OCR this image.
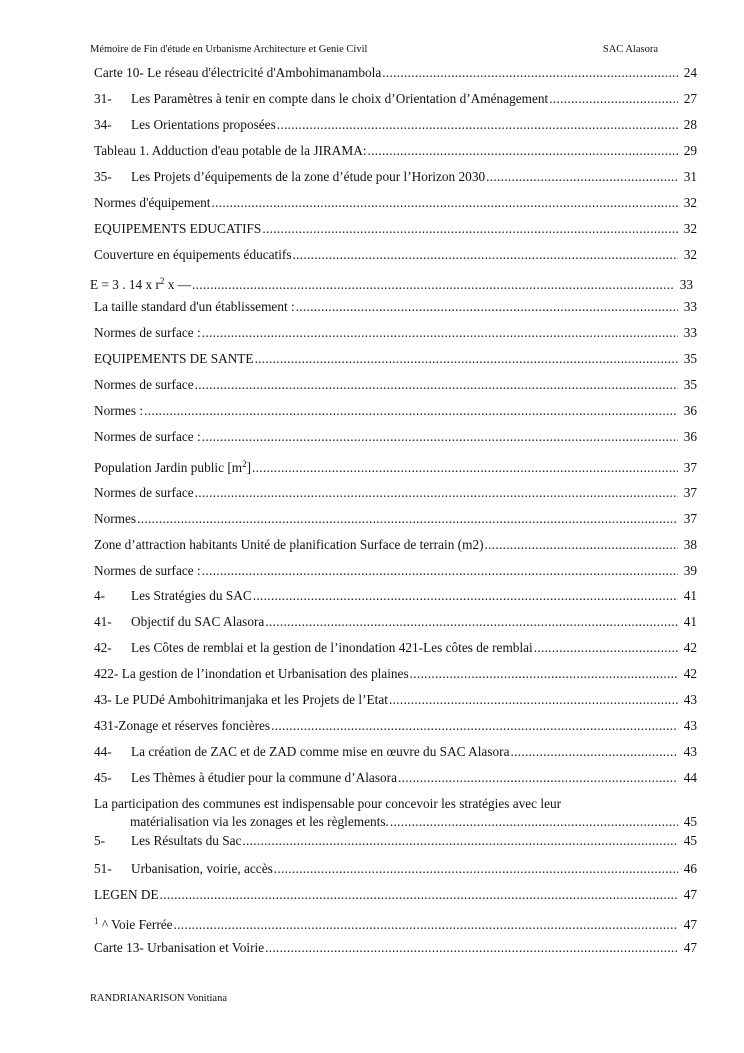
Mémoire de Fin d'étude en Urbanisme Architecture et Genie Civil	SAC Alasora
Carte 10- Le réseau d'électricité d'Ambohimanambola .....	24
31-	Les Paramètres à tenir en compte dans le choix d’Orientation d’Aménagement .....	27
34-	Les Orientations proposées .....	28
Tableau 1. Adduction d'eau potable de la JIRAMA: .....	29
35-	Les Projets d’équipements de la zone d’étude pour l’Horizon 2030 .....	31
Normes d'équipement .....	32
EQUIPEMENTS EDUCATIFS .....	32
Couverture en équipements éducatifs .....	32
E = 3 . 14 x $r^2$ x — .....	33
La taille standard d'un établissement : .....	33
Normes de surface : .....	33
EQUIPEMENTS DE SANTE .....	35
Normes de surface .....	35
Normes : .....	36
Normes de surface : .....	36
Population Jardin public $[m^2]$ .....	37
Normes de surface .....	37
Normes .....	37
Zone d’attraction habitants Unité de planification Surface de terrain (m2) .....	38
Normes de surface : .....	39
4-	Les Stratégies du SAC .....	41
41-	Objectif du SAC Alasora .....	41
42-	Les Côtes de remblai et la gestion de l’inondation 421-Les côtes de remblai .....	42
422- La gestion de l’inondation et Urbanisation des plaines .....	42
43- Le PUDé Ambohitrimanjaka et les Projets de l’Etat .....	43
431-Zonage et réserves foncières .....	43
44-	La création de ZAC et de ZAD comme mise en œuvre du SAC Alasora .....	43
45-	Les Thèmes à étudier pour la commune d’Alasora .....	44
La participation des communes est indispensable pour concevoir les stratégies avec leur
matérialisation via les zonages et les règlements. .....	45
5-	Les Résultats du Sac .....	45
51-	Urbanisation, voirie, accès .....	46
LEGEN DE .....	47
$^1$ ^ Voie Ferrée .....	47
Carte 13- Urbanisation et Voirie .....	47
RANDRIANARISON Vonitiana
